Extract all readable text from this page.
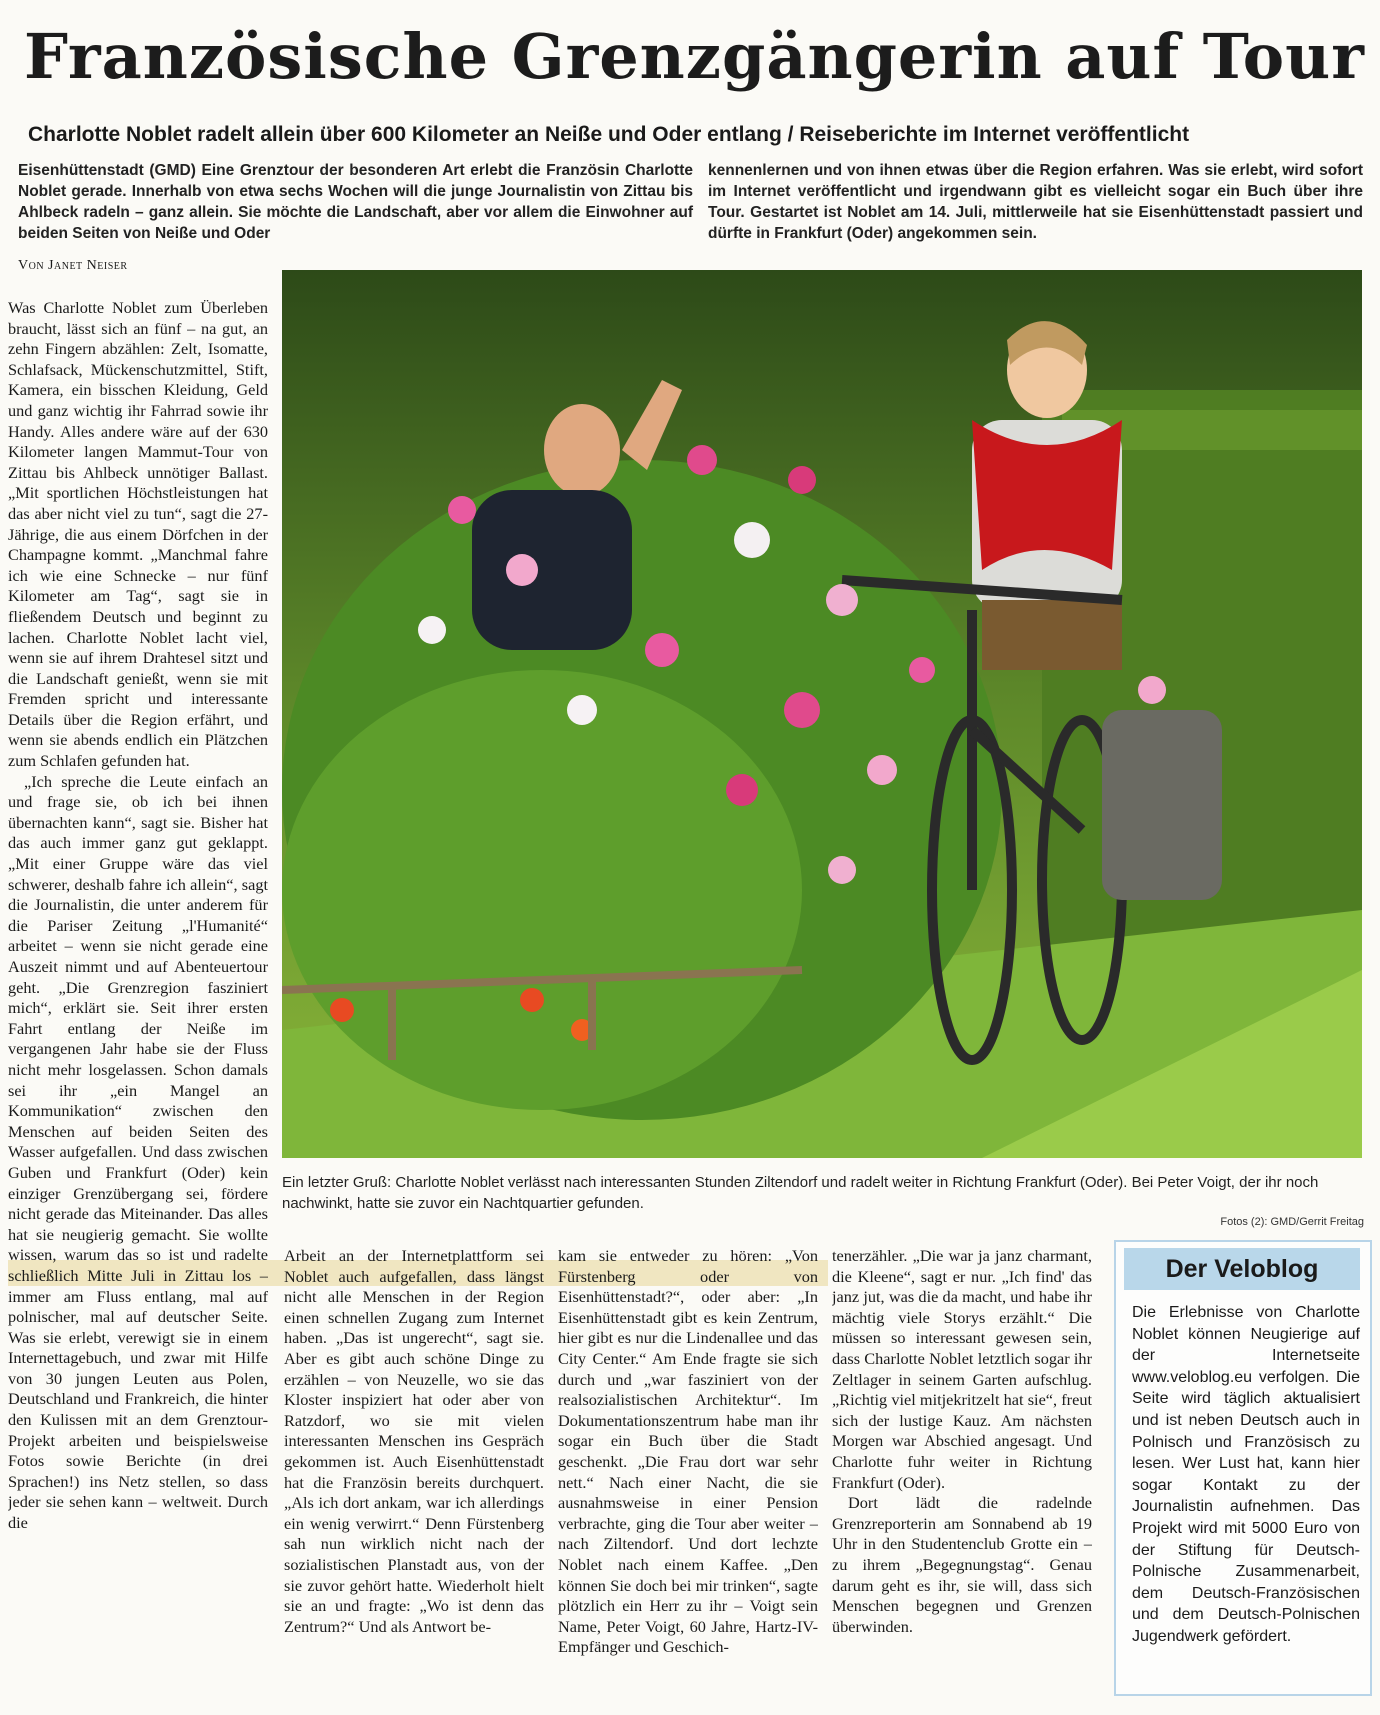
Französische Grenzgängerin auf Tour
Charlotte Noblet radelt allein über 600 Kilometer an Neiße und Oder entlang / Reiseberichte im Internet veröffentlicht
Eisenhüttenstadt (GMD) Eine Grenztour der besonderen Art erlebt die Französin Charlotte Noblet gerade. Innerhalb von etwa sechs Wochen will die junge Journalistin von Zittau bis Ahlbeck radeln – ganz allein. Sie möchte die Landschaft, aber vor allem die Einwohner auf beiden Seiten von Neiße und Oder
kennenlernen und von ihnen etwas über die Region erfahren. Was sie erlebt, wird sofort im Internet veröffentlicht und irgendwann gibt es vielleicht sogar ein Buch über ihre Tour. Gestartet ist Noblet am 14. Juli, mittlerweile hat sie Eisenhüttenstadt passiert und dürfte in Frankfurt (Oder) angekommen sein.
Von Janet Neiser

Was Charlotte Noblet zum Überleben braucht, lässt sich an fünf – na gut, an zehn Fingern abzählen: Zelt, Isomatte, Schlafsack, Mückenschutzmittel, Stift, Kamera, ein bisschen Kleidung, Geld und ganz wichtig ihr Fahrrad sowie ihr Handy. Alles andere wäre auf der 630 Kilometer langen Mammut-Tour von Zittau bis Ahlbeck unnötiger Ballast. „Mit sportlichen Höchstleistungen hat das aber nicht viel zu tun“, sagt die 27-Jährige, die aus einem Dörfchen in der Champagne kommt. „Manchmal fahre ich wie eine Schnecke – nur fünf Kilometer am Tag“, sagt sie in fließendem Deutsch und beginnt zu lachen. Charlotte Noblet lacht viel, wenn sie auf ihrem Drahtesel sitzt und die Landschaft genießt, wenn sie mit Fremden spricht und interessante Details über die Region erfährt, und wenn sie abends endlich ein Plätzchen zum Schlafen gefunden hat.

„Ich spreche die Leute einfach an und frage sie, ob ich bei ihnen übernachten kann“, sagt sie. Bisher hat das auch immer ganz gut geklappt. „Mit einer Gruppe wäre das viel schwerer, deshalb fahre ich allein“, sagt die Journalistin, die unter anderem für die Pariser Zeitung „l'Humanité“ arbeitet – wenn sie nicht gerade eine Auszeit nimmt und auf Abenteuertour geht. „Die Grenzregion fasziniert mich“, erklärt sie. Seit ihrer ersten Fahrt entlang der Neiße im vergangenen Jahr habe sie der Fluss nicht mehr losgelassen. Schon damals sei ihr „ein Mangel an Kommunikation“ zwischen den Menschen auf beiden Seiten des Wasser aufgefallen. Und dass zwischen Guben und Frankfurt (Oder) kein einziger Grenzübergang sei, fördere nicht gerade das Miteinander. Das alles hat sie neugierig gemacht. Sie wollte wissen, warum das so ist und radelte schließlich Mitte Juli in Zittau los – immer am Fluss entlang, mal auf polnischer, mal auf deutscher Seite. Was sie erlebt, verewigt sie in einem Internettagebuch, und zwar mit Hilfe von 30 jungen Leuten aus Polen, Deutschland und Frankreich, die hinter den Kulissen mit an dem Grenztour-Projekt arbeiten und beispielsweise Fotos sowie Berichte (in drei Sprachen!) ins Netz stellen, so dass jeder sie sehen kann – weltweit. Durch die

Ein letzter Gruß: Charlotte Noblet verlässt nach interessanten Stunden Ziltendorf und radelt weiter in Richtung Frankfurt (Oder). Bei Peter Voigt, der ihr noch nachwinkt, hatte sie zuvor ein Nachtquartier gefunden.
Fotos (2): GMD/Gerrit Freitag

Arbeit an der Internetplattform sei Noblet auch aufgefallen, dass längst nicht alle Menschen in der Region einen schnellen Zugang zum Internet haben. „Das ist ungerecht“, sagt sie. Aber es gibt auch schöne Dinge zu erzählen – von Neuzelle, wo sie das Kloster inspiziert hat oder aber von Ratzdorf, wo sie mit vielen interessanten Menschen ins Gespräch gekommen ist. Auch Eisenhüttenstadt hat die Französin bereits durchquert. „Als ich dort ankam, war ich allerdings ein wenig verwirrt.“ Denn Fürstenberg sah nun wirklich nicht nach der sozialistischen Planstadt aus, von der sie zuvor gehört hatte. Wiederholt hielt sie an und fragte: „Wo ist denn das Zentrum?“ Und als Antwort be-

kam sie entweder zu hören: „Von Fürstenberg oder von Eisenhüttenstadt?“, oder aber: „In Eisenhüttenstadt gibt es kein Zentrum, hier gibt es nur die Lindenallee und das City Center.“ Am Ende fragte sie sich durch und „war fasziniert von der realsozialistischen Architektur“. Im Dokumentationszentrum habe man ihr sogar ein Buch über die Stadt geschenkt. „Die Frau dort war sehr nett.“ Nach einer Nacht, die sie ausnahmsweise in einer Pension verbrachte, ging die Tour aber weiter – nach Ziltendorf. Und dort lechzte Noblet nach einem Kaffee. „Den können Sie doch bei mir trinken“, sagte plötzlich ein Herr zu ihr – Voigt sein Name, Peter Voigt, 60 Jahre, Hartz-IV-Empfänger und Geschich-

tenerzähler. „Die war ja janz charmant, die Kleene“, sagt er nur. „Ich find' das janz jut, was die da macht, und habe ihr mächtig viele Storys erzählt.“ Die müssen so interessant gewesen sein, dass Charlotte Noblet letztlich sogar ihr Zeltlager in seinem Garten aufschlug. „Richtig viel mitjekritzelt hat sie“, freut sich der lustige Kauz. Am nächsten Morgen war Abschied angesagt. Und Charlotte fuhr weiter in Richtung Frankfurt (Oder).

Dort lädt die radelnde Grenzreporterin am Sonnabend ab 19 Uhr in den Studentenclub Grotte ein – zu ihrem „Begegnungstag“. Genau darum geht es ihr, sie will, dass sich Menschen begegnen und Grenzen überwinden.

Der Veloblog
Die Erlebnisse von Charlotte Noblet können Neugierige auf der Internetseite www.veloblog.eu verfolgen. Die Seite wird täglich aktualisiert und ist neben Deutsch auch in Polnisch und Französisch zu lesen. Wer Lust hat, kann hier sogar Kontakt zu der Journalistin aufnehmen. Das Projekt wird mit 5000 Euro von der Stiftung für Deutsch-Polnische Zusammenarbeit, dem Deutsch-Französischen und dem Deutsch-Polnischen Jugendwerk gefördert.
